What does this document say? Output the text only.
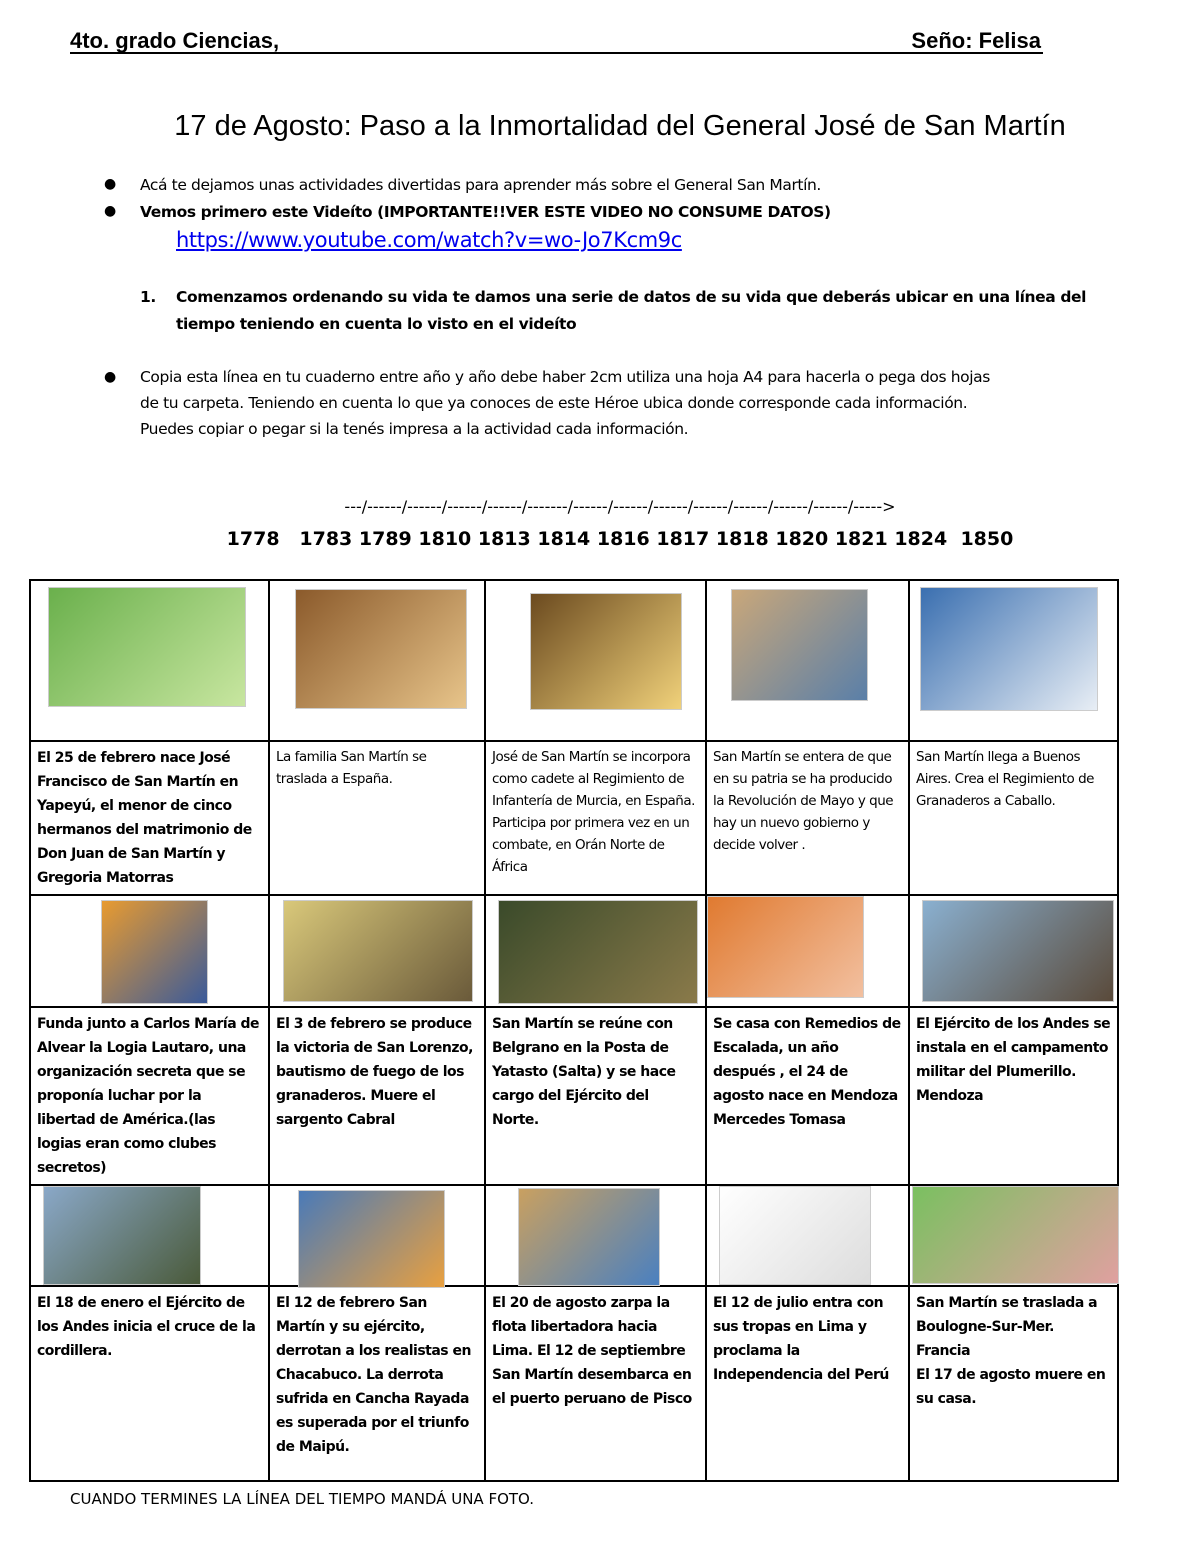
4to. grado Ciencias,	Seño: Felisa
17 de Agosto: Paso a la Inmortalidad del General José de San Martín
● Acá te dejamos unas actividades divertidas para aprender más sobre el General San Martín.
● Vemos primero este Videíto (IMPORTANTE!!VER ESTE VIDEO NO CONSUME DATOS)
https://www.youtube.com/watch?v=wo-Jo7Kcm9c
1. Comenzamos ordenando su vida te damos una serie de datos de su vida que deberás ubicar en una línea del
tiempo teniendo en cuenta lo visto en el videíto
● Copia esta línea en tu cuaderno entre año y año debe haber 2cm utiliza una hoja A4 para hacerla o pega dos hojas
de tu carpeta. Teniendo en cuenta lo que ya conoces de este Héroe ubica donde corresponde cada información.
Puedes copiar o pegar si la tenés impresa a la actividad cada información.
---/------/------/------/------/-------/------/------/------/------/------/------/------/----->
1778   1783 1789 1810 1813 1814 1816 1817 1818 1820 1821 1824  1850

El 25 de febrero nace José Francisco de San Martín en Yapeyú, el menor de cinco hermanos del matrimonio de Don Juan de San Martín y Gregoria Matorras	La familia San Martín se traslada a España.	José de San Martín se incorpora como cadete al Regimiento de Infantería de Murcia, en España. Participa por primera vez en un combate, en Orán Norte de África	San Martín se entera de que en su patria se ha producido la Revolución de Mayo y que hay un nuevo gobierno y decide volver .	San Martín llega a Buenos Aires. Crea el Regimiento de Granaderos a Caballo.

Funda junto a Carlos María de Alvear la Logia Lautaro, una organización secreta que se proponía luchar por la libertad de América.(las logias eran como clubes secretos)	El 3 de febrero se produce la victoria de San Lorenzo, bautismo de fuego de los granaderos. Muere el sargento Cabral	San Martín se reúne con Belgrano en la Posta de Yatasto (Salta) y se hace cargo del Ejército del Norte.	Se casa con Remedios de Escalada, un año después , el 24 de agosto nace en Mendoza Mercedes Tomasa	El Ejército de los Andes se instala en el campamento militar del Plumerillo. Mendoza

El 18 de enero el Ejército de los Andes inicia el cruce de la cordillera.	El 12 de febrero San Martín y su ejército, derrotan a los realistas en Chacabuco. La derrota sufrida en Cancha Rayada es superada por el triunfo de Maipú.	El 20 de agosto zarpa la flota libertadora hacia Lima. El 12 de septiembre San Martín desembarca en el puerto peruano de Pisco	El 12 de julio entra con sus tropas en Lima y proclama la Independencia del Perú	San Martín se traslada a Boulogne-Sur-Mer. Francia
El 17 de agosto muere en su casa.
CUANDO TERMINES LA LÍNEA DEL TIEMPO MANDÁ UNA FOTO.
